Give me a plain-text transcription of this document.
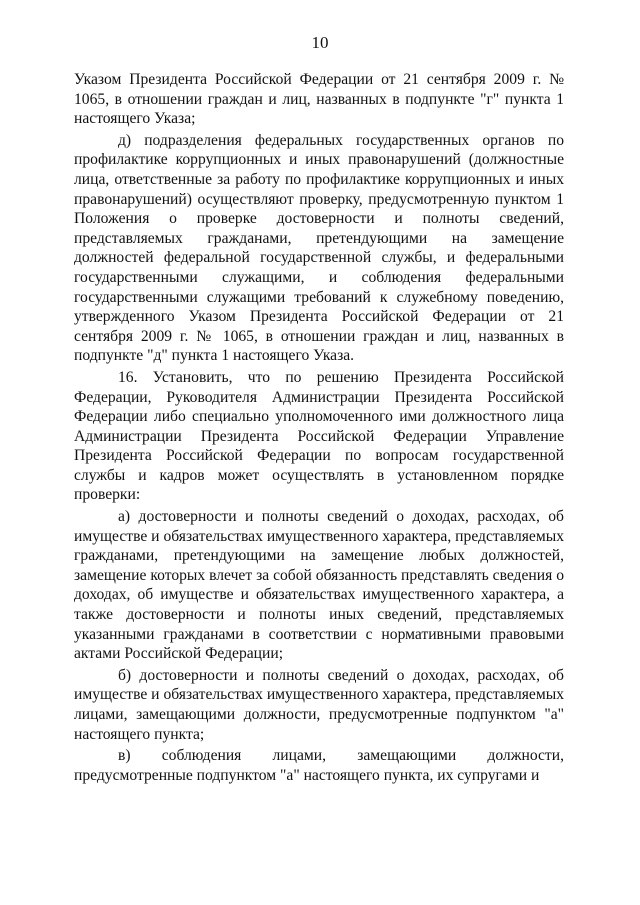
10

Указом Президента Российской Федерации от 21 сентября 2009 г. № 1065, в отношении граждан и лиц, названных в подпункте "г" пункта 1 настоящего Указа;

д) подразделения федеральных государственных органов по профилактике коррупционных и иных правонарушений (должностные лица, ответственные за работу по профилактике коррупционных и иных правонарушений) осуществляют проверку, предусмотренную пунктом 1 Положения о проверке достоверности и полноты сведений, представляемых гражданами, претендующими на замещение должностей федеральной государственной службы, и федеральными государственными служащими, и соблюдения федеральными государственными служащими требований к служебному поведению, утвержденного Указом Президента Российской Федерации от 21 сентября 2009 г. № 1065, в отношении граждан и лиц, названных в подпункте "д" пункта 1 настоящего Указа.

16. Установить, что по решению Президента Российской Федерации, Руководителя Администрации Президента Российской Федерации либо специально уполномоченного ими должностного лица Администрации Президента Российской Федерации Управление Президента Российской Федерации по вопросам государственной службы и кадров может осуществлять в установленном порядке проверки:

а) достоверности и полноты сведений о доходах, расходах, об имуществе и обязательствах имущественного характера, представляемых гражданами, претендующими на замещение любых должностей, замещение которых влечет за собой обязанность представлять сведения о доходах, об имуществе и обязательствах имущественного характера, а также достоверности и полноты иных сведений, представляемых указанными гражданами в соответствии с нормативными правовыми актами Российской Федерации;

б) достоверности и полноты сведений о доходах, расходах, об имуществе и обязательствах имущественного характера, представляемых лицами, замещающими должности, предусмотренные подпунктом "а" настоящего пункта;

в) соблюдения лицами, замещающими должности, предусмотренные подпунктом "а" настоящего пункта, их супругами и
